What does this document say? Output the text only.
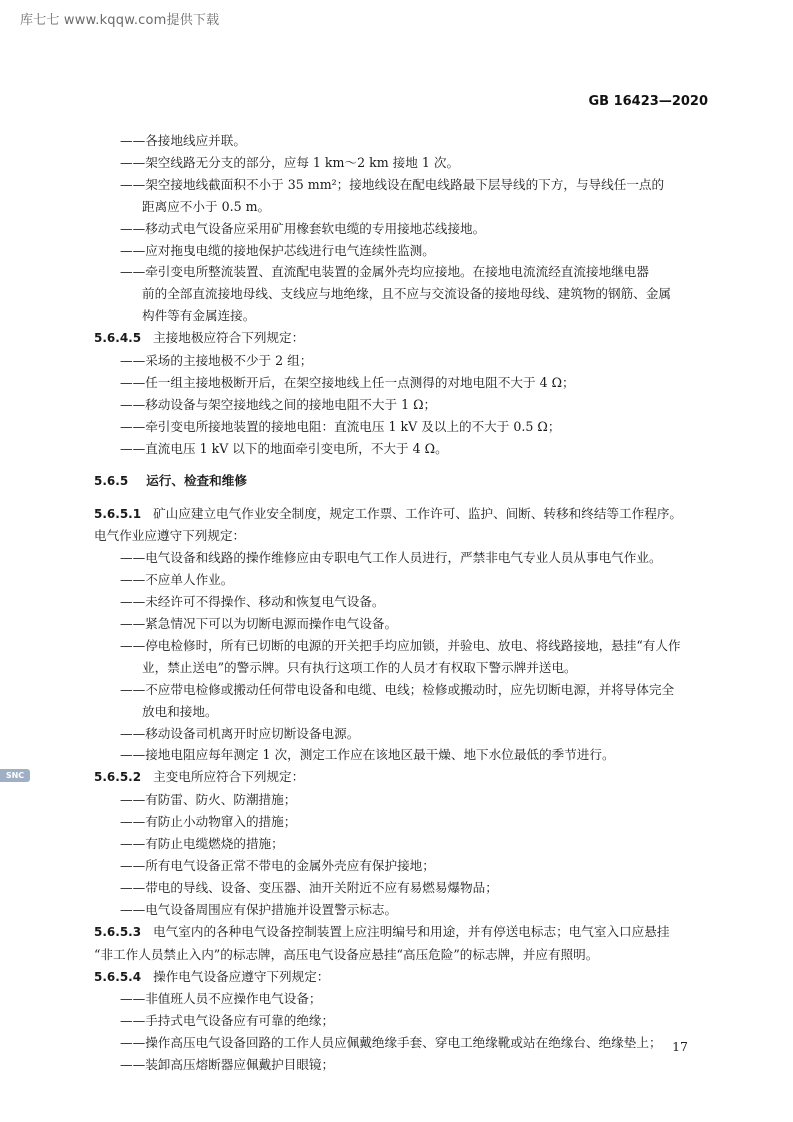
库七七 www.kqqw.com提供下载
GB 16423—2020
SNC
——各接地线应并联。
——架空线路无分支的部分，应每 1 km～2 km 接地 1 次。
——架空接地线截面积不小于 35 mm²；接地线设在配电线路最下层导线的下方，与导线任一点的
距离应不小于 0.5 m。
——移动式电气设备应采用矿用橡套软电缆的专用接地芯线接地。
——应对拖曳电缆的接地保护芯线进行电气连续性监测。
——牵引变电所整流装置、直流配电装置的金属外壳均应接地。在接地电流流经直流接地继电器
前的全部直流接地母线、支线应与地绝缘，且不应与交流设备的接地母线、建筑物的钢筋、金属
构件等有金属连接。
5.6.4.5 主接地极应符合下列规定：
——采场的主接地极不少于 2 组；
——任一组主接地极断开后，在架空接地线上任一点测得的对地电阻不大于 4 Ω；
——移动设备与架空接地线之间的接地电阻不大于 1 Ω；
——牵引变电所接地装置的接地电阻：直流电压 1 kV 及以上的不大于 0.5 Ω；
——直流电压 1 kV 以下的地面牵引变电所，不大于 4 Ω。
5.6.5 运行、检查和维修
5.6.5.1 矿山应建立电气作业安全制度，规定工作票、工作许可、监护、间断、转移和终结等工作程序。
电气作业应遵守下列规定：
——电气设备和线路的操作维修应由专职电气工作人员进行，严禁非电气专业人员从事电气作业。
——不应单人作业。
——未经许可不得操作、移动和恢复电气设备。
——紧急情况下可以为切断电源而操作电气设备。
——停电检修时，所有已切断的电源的开关把手均应加锁，并验电、放电、将线路接地，悬挂“有人作
业，禁止送电”的警示牌。只有执行这项工作的人员才有权取下警示牌并送电。
——不应带电检修或搬动任何带电设备和电缆、电线；检修或搬动时，应先切断电源，并将导体完全
放电和接地。
——移动设备司机离开时应切断设备电源。
——接地电阻应每年测定 1 次，测定工作应在该地区最干燥、地下水位最低的季节进行。
5.6.5.2 主变电所应符合下列规定：
——有防雷、防火、防潮措施；
——有防止小动物窜入的措施；
——有防止电缆燃烧的措施；
——所有电气设备正常不带电的金属外壳应有保护接地；
——带电的导线、设备、变压器、油开关附近不应有易燃易爆物品；
——电气设备周围应有保护措施并设置警示标志。
5.6.5.3 电气室内的各种电气设备控制装置上应注明编号和用途，并有停送电标志；电气室入口应悬挂
“非工作人员禁止入内”的标志牌，高压电气设备应悬挂“高压危险”的标志牌，并应有照明。
5.6.5.4 操作电气设备应遵守下列规定：
——非值班人员不应操作电气设备；
——手持式电气设备应有可靠的绝缘；
——操作高压电气设备回路的工作人员应佩戴绝缘手套、穿电工绝缘靴或站在绝缘台、绝缘垫上；
——装卸高压熔断器应佩戴护目眼镜；
17
